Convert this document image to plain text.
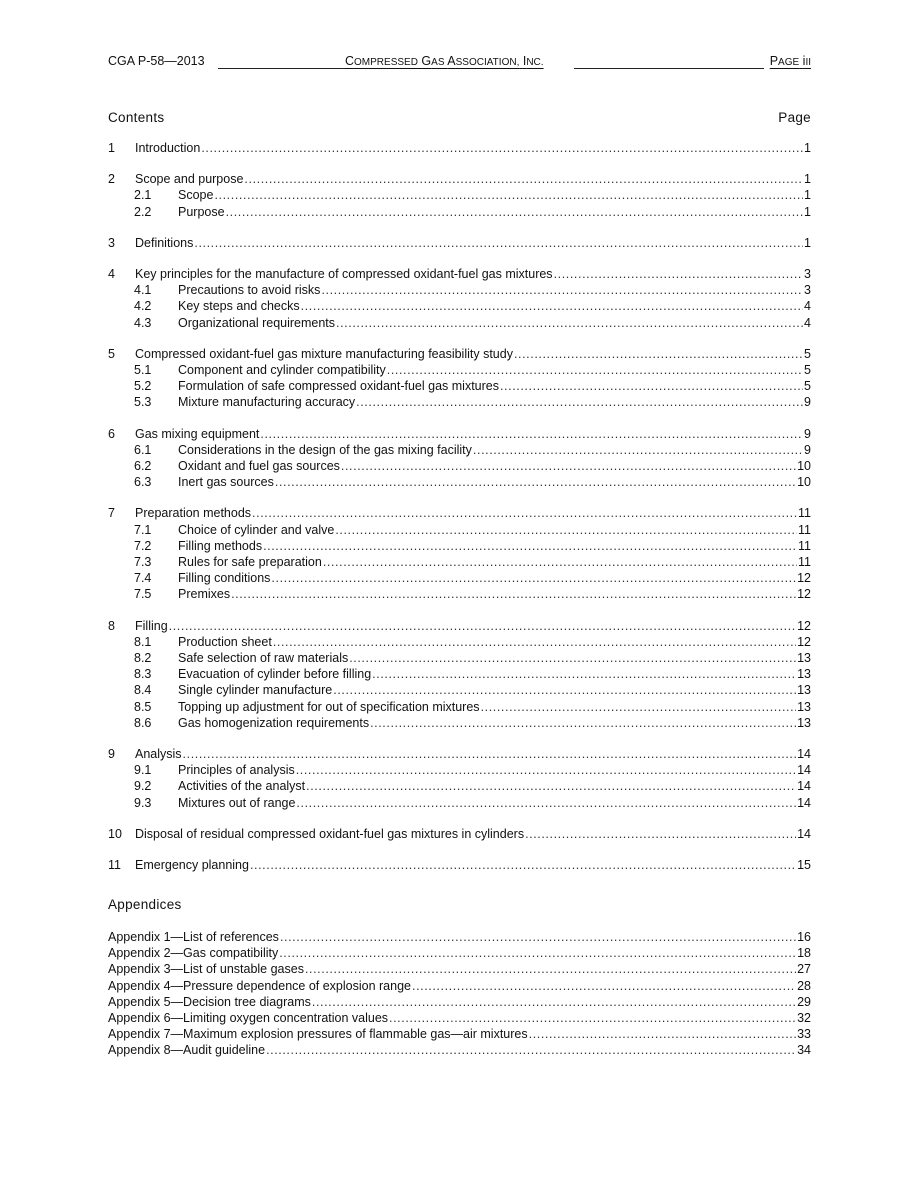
CGA P-58—2013	COMPRESSED GAS ASSOCIATION, INC.	PAGE iII
Contents	Page
1 Introduction .....	1
2 Scope and purpose .....	1
2.1 Scope .....	1
2.2 Purpose .....	1
3 Definitions .....	1
4 Key principles for the manufacture of compressed oxidant-fuel gas mixtures .....	3
4.1 Precautions to avoid risks .....	3
4.2 Key steps and checks .....	4
4.3 Organizational requirements .....	4
5 Compressed oxidant-fuel gas mixture manufacturing feasibility study .....	5
5.1 Component and cylinder compatibility .....	5
5.2 Formulation of safe compressed oxidant-fuel gas mixtures .....	5
5.3 Mixture manufacturing accuracy .....	9
6 Gas mixing equipment .....	9
6.1 Considerations in the design of the gas mixing facility .....	9
6.2 Oxidant and fuel gas sources .....	10
6.3 Inert gas sources .....	10
7 Preparation methods .....	11
7.1 Choice of cylinder and valve .....	11
7.2 Filling methods .....	11
7.3 Rules for safe preparation .....	11
7.4 Filling conditions .....	12
7.5 Premixes .....	12
8 Filling .....	12
8.1 Production sheet .....	12
8.2 Safe selection of raw materials .....	13
8.3 Evacuation of cylinder before filling .....	13
8.4 Single cylinder manufacture .....	13
8.5 Topping up adjustment for out of specification mixtures .....	13
8.6 Gas homogenization requirements .....	13
9 Analysis .....	14
9.1 Principles of analysis .....	14
9.2 Activities of the analyst .....	14
9.3 Mixtures out of range .....	14
10 Disposal of residual compressed oxidant-fuel gas mixtures in cylinders .....	14
11 Emergency planning .....	15
Appendices
Appendix 1—List of references .....	16
Appendix 2—Gas compatibility .....	18
Appendix 3—List of unstable gases .....	27
Appendix 4—Pressure dependence of explosion range .....	28
Appendix 5—Decision tree diagrams .....	29
Appendix 6—Limiting oxygen concentration values .....	32
Appendix 7—Maximum explosion pressures of flammable gas—air mixtures .....	33
Appendix 8—Audit guideline .....	34
